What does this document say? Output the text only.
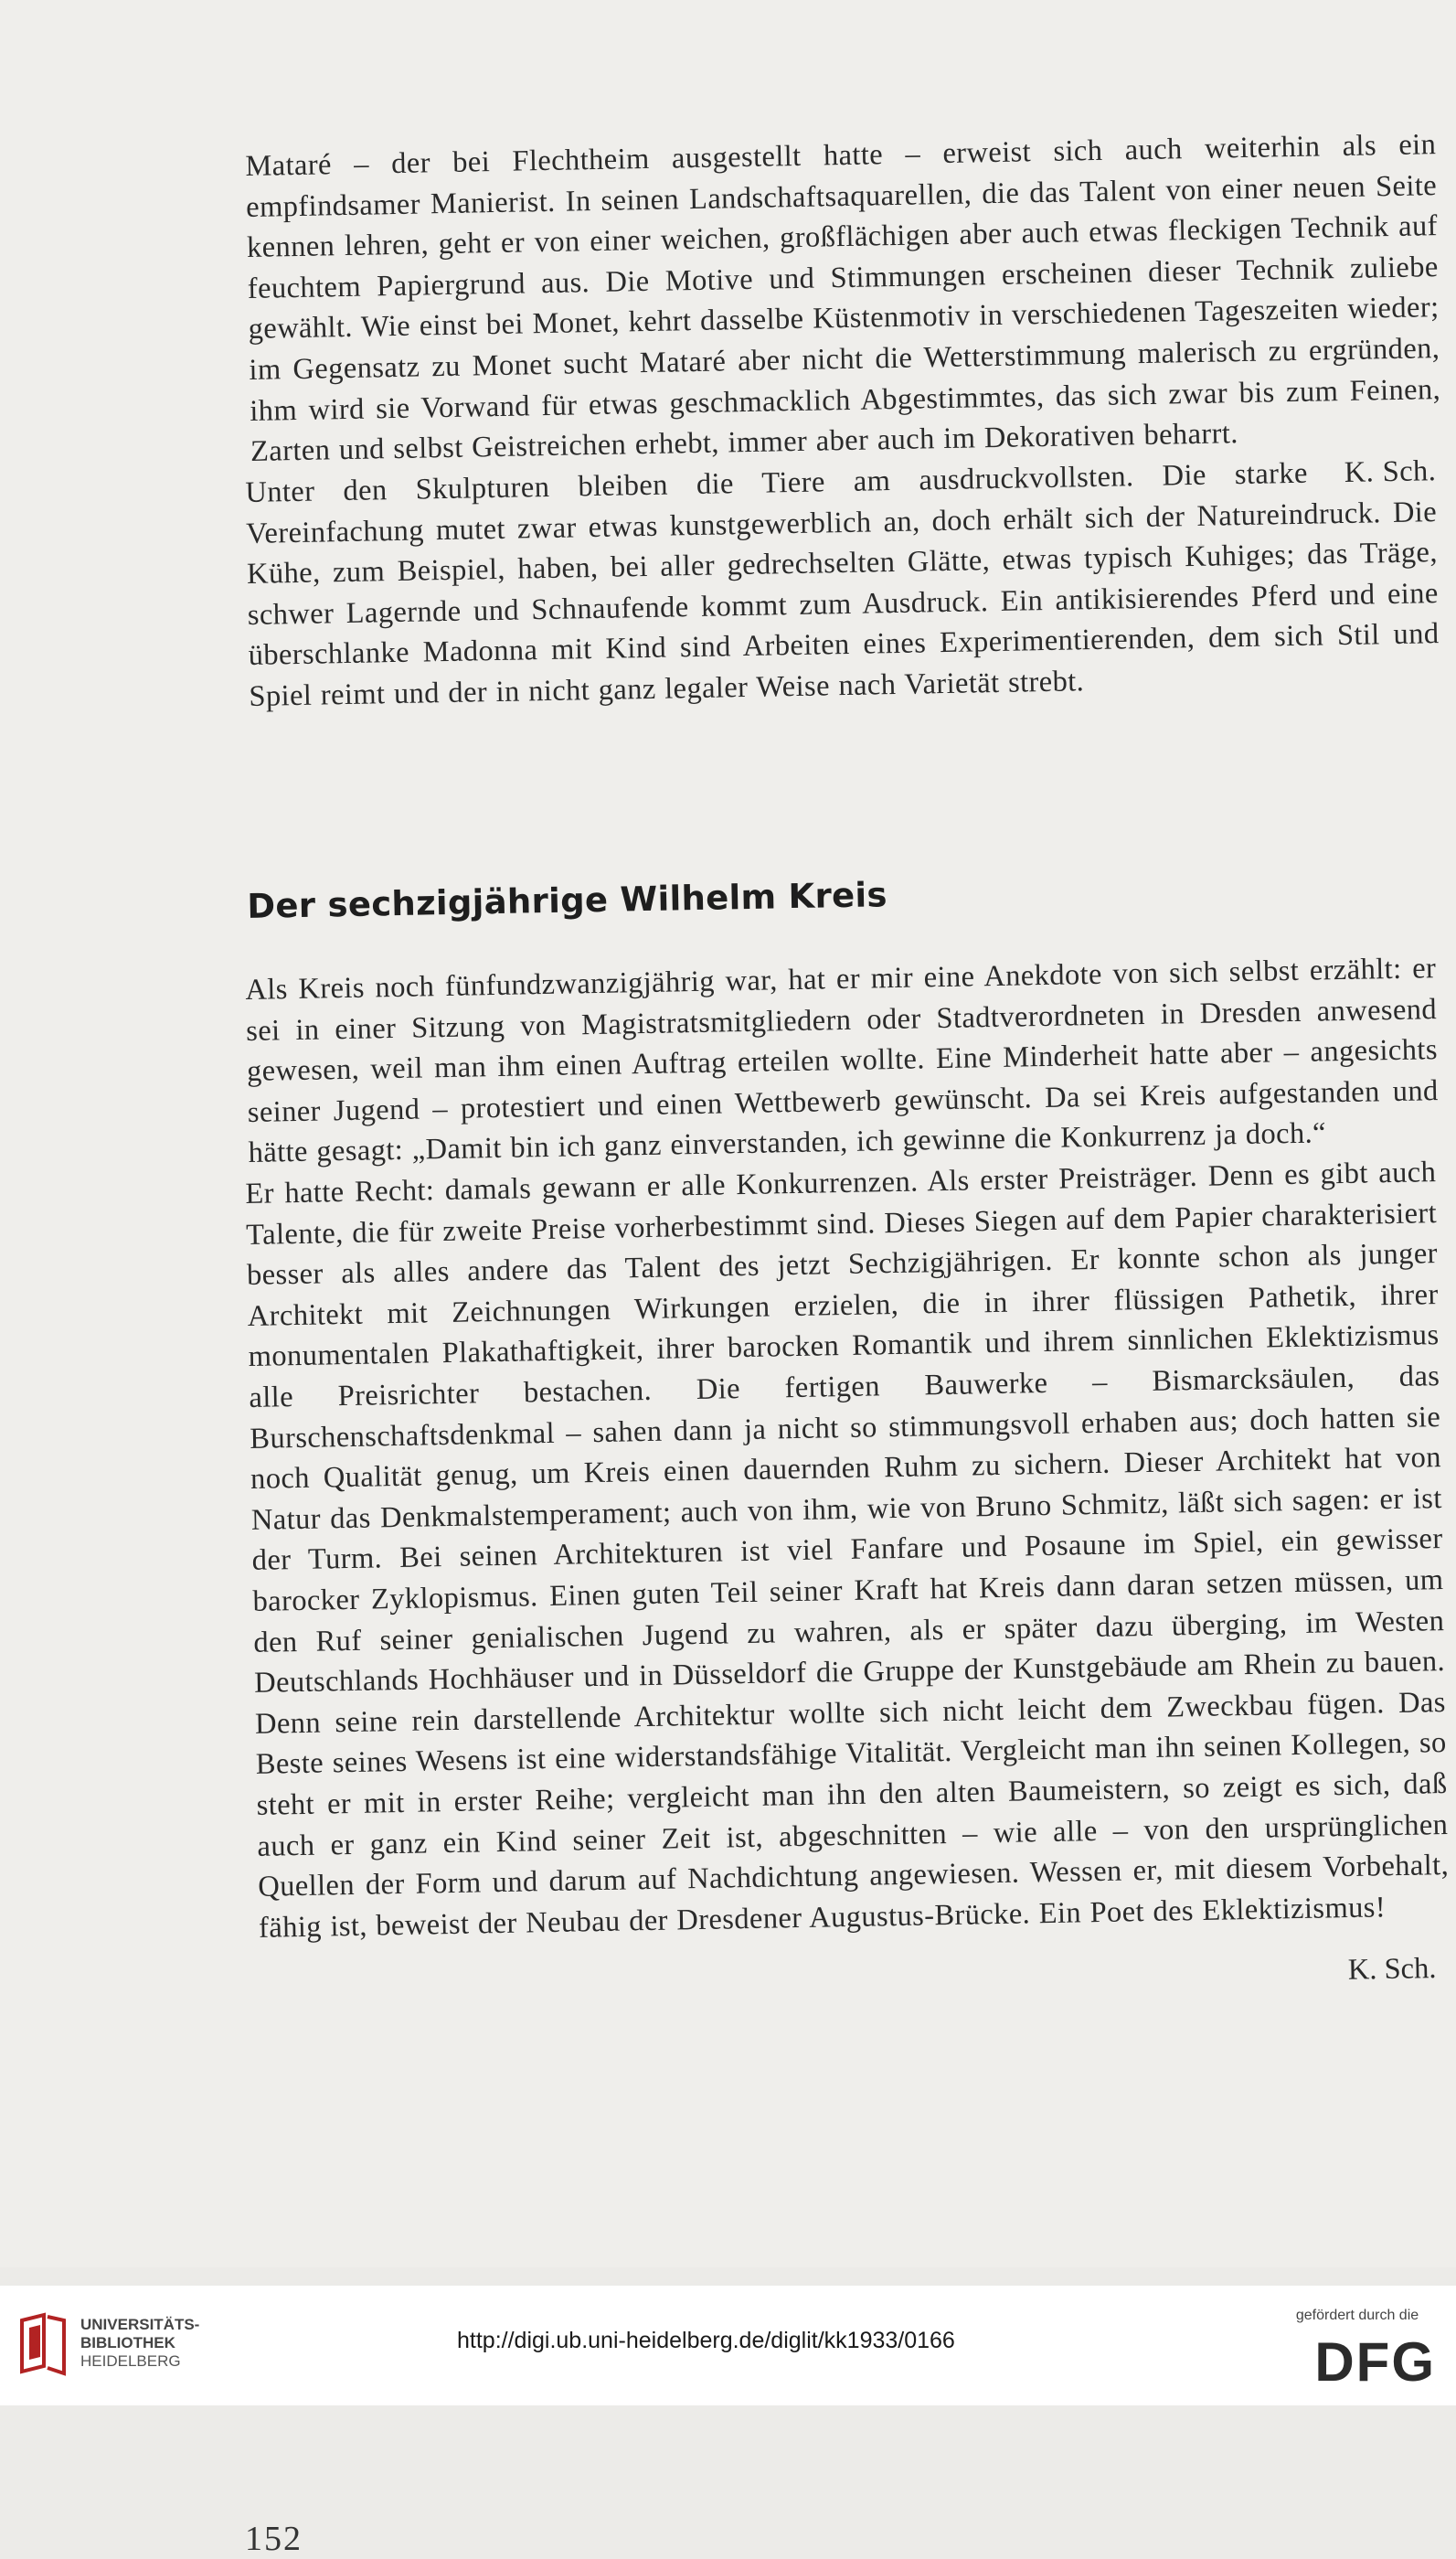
Mataré – der bei Flechtheim ausgestellt hatte – erweist sich auch weiterhin als ein empfindsamer Manierist. In seinen Landschaftsaquarellen, die das Talent von einer neuen Seite kennen lehren, geht er von einer weichen, großflächigen aber auch etwas fleckigen Technik auf feuchtem Papiergrund aus. Die Motive und Stimmungen erscheinen dieser Technik zuliebe gewählt. Wie einst bei Monet, kehrt dasselbe Küstenmotiv in verschiedenen Tageszeiten wieder; im Gegensatz zu Monet sucht Mataré aber nicht die Wetterstimmung malerisch zu ergründen, ihm wird sie Vorwand für etwas geschmacklich Abgestimmtes, das sich zwar bis zum Feinen, Zarten und selbst Geistreichen erhebt, immer aber auch im Dekorativen beharrt.

K. Sch.
Unter den Skulpturen bleiben die Tiere am ausdruckvollsten. Die starke Vereinfachung mutet zwar etwas kunstgewerblich an, doch erhält sich der Natureindruck. Die Kühe, zum Beispiel, haben, bei aller gedrechselten Glätte, etwas typisch Kuhiges; das Träge, schwer Lagernde und Schnaufende kommt zum Ausdruck. Ein antikisierendes Pferd und eine überschlanke Madonna mit Kind sind Arbeiten eines Experimentierenden, dem sich Stil und Spiel reimt und der in nicht ganz legaler Weise nach Varietät strebt.

Der sechzigjährige Wilhelm Kreis

Als Kreis noch fünfundzwanzigjährig war, hat er mir eine Anekdote von sich selbst erzählt: er sei in einer Sitzung von Magistratsmitgliedern oder Stadtverordneten in Dresden anwesend gewesen, weil man ihm einen Auftrag erteilen wollte. Eine Minderheit hatte aber – angesichts seiner Jugend – protestiert und einen Wettbewerb gewünscht. Da sei Kreis aufgestanden und hätte gesagt: „Damit bin ich ganz einverstanden, ich gewinne die Konkurrenz ja doch.“

Er hatte Recht: damals gewann er alle Konkurrenzen. Als erster Preisträger. Denn es gibt auch Talente, die für zweite Preise vorherbestimmt sind. Dieses Siegen auf dem Papier charakterisiert besser als alles andere das Talent des jetzt Sechzigjährigen. Er konnte schon als junger Architekt mit Zeichnungen Wirkungen erzielen, die in ihrer flüssigen Pathetik, ihrer monumentalen Plakathaftigkeit, ihrer barocken Romantik und ihrem sinnlichen Eklektizismus alle Preisrichter bestachen. Die fertigen Bauwerke – Bismarcksäulen, das Burschenschaftsdenkmal – sahen dann ja nicht so stimmungsvoll erhaben aus; doch hatten sie noch Qualität genug, um Kreis einen dauernden Ruhm zu sichern. Dieser Architekt hat von Natur das Denkmalstemperament; auch von ihm, wie von Bruno Schmitz, läßt sich sagen: er ist der Turm. Bei seinen Architekturen ist viel Fanfare und Posaune im Spiel, ein gewisser barocker Zyklopismus. Einen guten Teil seiner Kraft hat Kreis dann daran setzen müssen, um den Ruf seiner genialischen Jugend zu wahren, als er später dazu überging, im Westen Deutschlands Hochhäuser und in Düsseldorf die Gruppe der Kunstgebäude am Rhein zu bauen. Denn seine rein darstellende Architektur wollte sich nicht leicht dem Zweckbau fügen. Das Beste seines Wesens ist eine widerstandsfähige Vitalität. Vergleicht man ihn seinen Kollegen, so steht er mit in erster Reihe; vergleicht man ihn den alten Baumeistern, so zeigt es sich, daß auch er ganz ein Kind seiner Zeit ist, abgeschnitten – wie alle – von den ursprünglichen Quellen der Form und darum auf Nachdichtung angewiesen. Wessen er, mit diesem Vorbehalt, fähig ist, beweist der Neubau der Dresdener Augustus-Brücke. Ein Poet des Eklektizismus!

K. Sch.

152
UNIVERSITÄTS-
BIBLIOTHEK
HEIDELBERG
http://digi.ub.uni-heidelberg.de/diglit/kk1933/0166
gefördert durch die
DFG
